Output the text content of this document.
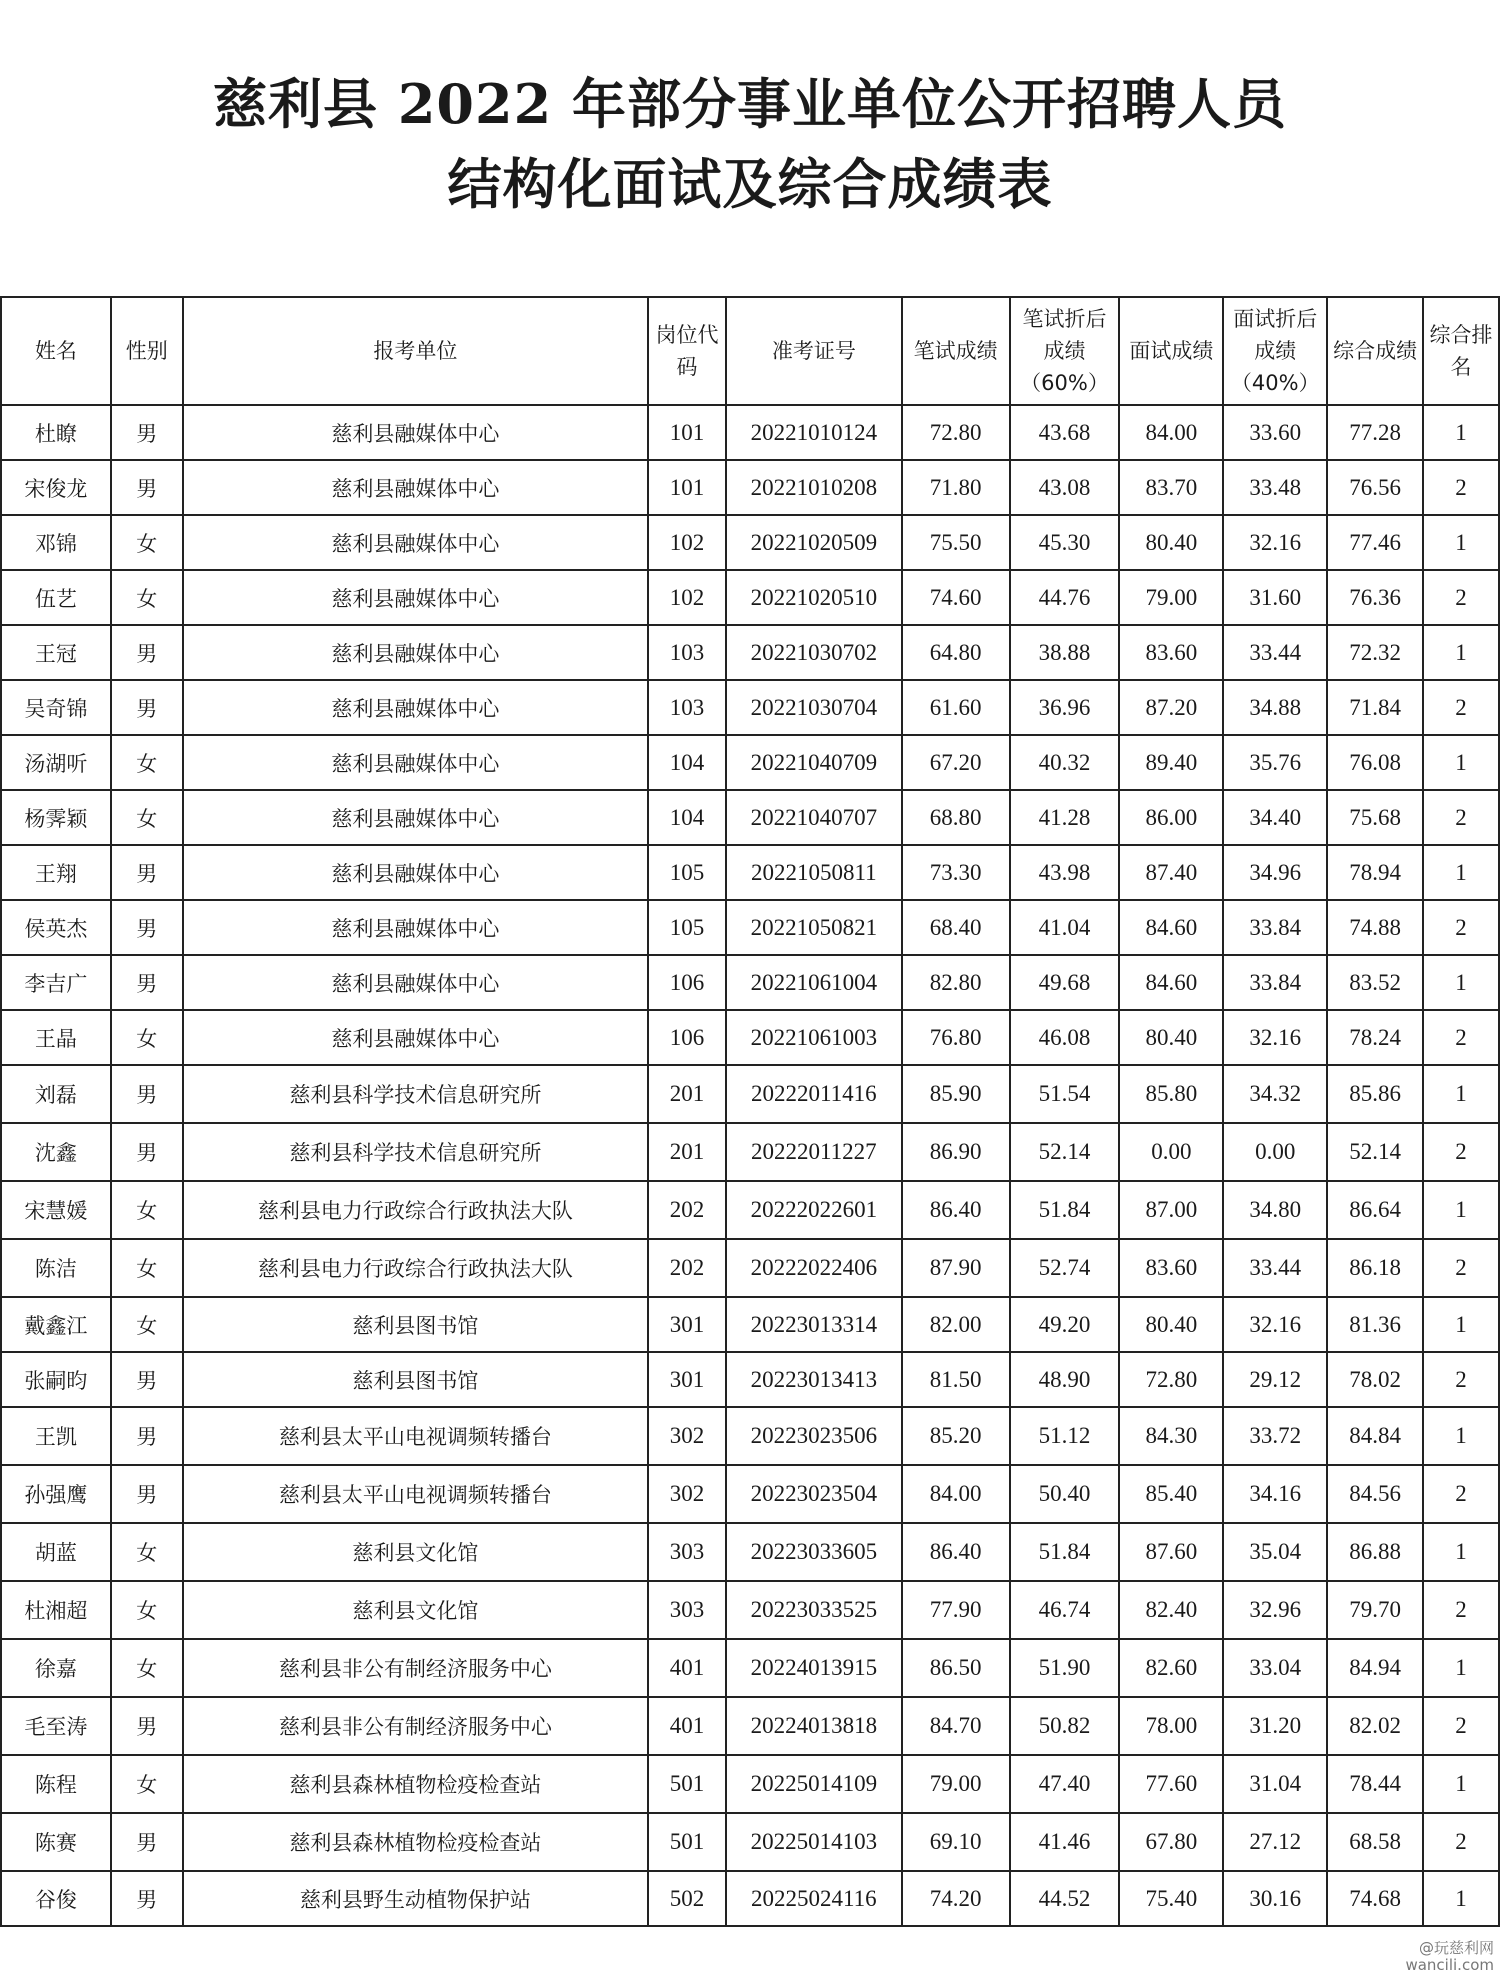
慈利县 2022 年部分事业单位公开招聘人员
结构化面试及综合成绩表
姓名	性别	报考单位	岗位代码	准考证号	笔试成绩	笔试折后成绩（60%）	面试成绩	面试折后成绩（40%）	综合成绩	综合排名
杜瞭	男	慈利县融媒体中心	101	20221010124	72.80	43.68	84.00	33.60	77.28	1
宋俊龙	男	慈利县融媒体中心	101	20221010208	71.80	43.08	83.70	33.48	76.56	2
邓锦	女	慈利县融媒体中心	102	20221020509	75.50	45.30	80.40	32.16	77.46	1
伍艺	女	慈利县融媒体中心	102	20221020510	74.60	44.76	79.00	31.60	76.36	2
王冠	男	慈利县融媒体中心	103	20221030702	64.80	38.88	83.60	33.44	72.32	1
吴奇锦	男	慈利县融媒体中心	103	20221030704	61.60	36.96	87.20	34.88	71.84	2
汤湖听	女	慈利县融媒体中心	104	20221040709	67.20	40.32	89.40	35.76	76.08	1
杨霁颖	女	慈利县融媒体中心	104	20221040707	68.80	41.28	86.00	34.40	75.68	2
王翔	男	慈利县融媒体中心	105	20221050811	73.30	43.98	87.40	34.96	78.94	1
侯英杰	男	慈利县融媒体中心	105	20221050821	68.40	41.04	84.60	33.84	74.88	2
李吉广	男	慈利县融媒体中心	106	20221061004	82.80	49.68	84.60	33.84	83.52	1
王晶	女	慈利县融媒体中心	106	20221061003	76.80	46.08	80.40	32.16	78.24	2
刘磊	男	慈利县科学技术信息研究所	201	20222011416	85.90	51.54	85.80	34.32	85.86	1
沈鑫	男	慈利县科学技术信息研究所	201	20222011227	86.90	52.14	0.00	0.00	52.14	2
宋慧媛	女	慈利县电力行政综合行政执法大队	202	20222022601	86.40	51.84	87.00	34.80	86.64	1
陈洁	女	慈利县电力行政综合行政执法大队	202	20222022406	87.90	52.74	83.60	33.44	86.18	2
戴鑫江	女	慈利县图书馆	301	20223013314	82.00	49.20	80.40	32.16	81.36	1
张嗣昀	男	慈利县图书馆	301	20223013413	81.50	48.90	72.80	29.12	78.02	2
王凯	男	慈利县太平山电视调频转播台	302	20223023506	85.20	51.12	84.30	33.72	84.84	1
孙强鹰	男	慈利县太平山电视调频转播台	302	20223023504	84.00	50.40	85.40	34.16	84.56	2
胡蓝	女	慈利县文化馆	303	20223033605	86.40	51.84	87.60	35.04	86.88	1
杜湘超	女	慈利县文化馆	303	20223033525	77.90	46.74	82.40	32.96	79.70	2
徐嘉	女	慈利县非公有制经济服务中心	401	20224013915	86.50	51.90	82.60	33.04	84.94	1
毛至涛	男	慈利县非公有制经济服务中心	401	20224013818	84.70	50.82	78.00	31.20	82.02	2
陈程	女	慈利县森林植物检疫检查站	501	20225014109	79.00	47.40	77.60	31.04	78.44	1
陈赛	男	慈利县森林植物检疫检查站	501	20225014103	69.10	41.46	67.80	27.12	68.58	2
谷俊	男	慈利县野生动植物保护站	502	20225024116	74.20	44.52	75.40	30.16	74.68	1
@玩慈利网
wancili.com
